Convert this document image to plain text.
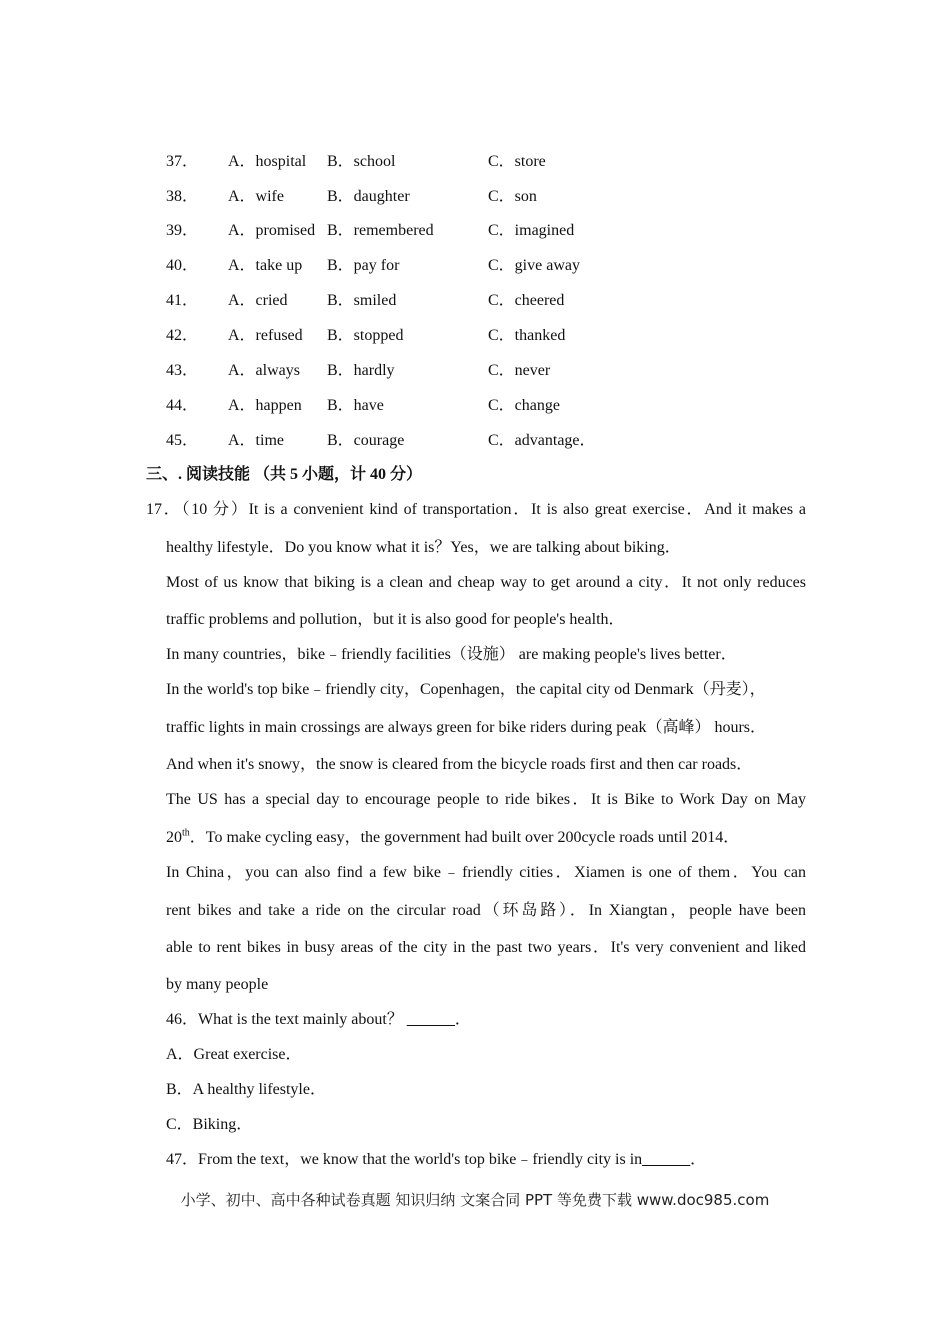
37． A．hospital B．school	C．store
38． A．wife	B．daughter	C．son
39． A．promised B．remembered	C．imagined
40． A．take up B．pay for	C．give away
41． A．cried B．smiled	C．cheered
42． A．refused B．stopped	C．thanked
43． A．always B．hardly	C．never
44． A．happen B．have	C．change
45． A．time	B．courage	C．advantage．
三、. 阅读技能 （共 5 小题，计 40 分）
17．（10 分）It is a convenient kind of transportation．It is also great exercise．And it makes a
healthy lifestyle．Do you know what it is？Yes，we are talking about biking．
Most of us know that biking is a clean and cheap way to get around a city．It not only reduces
traffic problems and pollution，but it is also good for people's health．
In many countries，bike﹣friendly facilities（设施） are making people's lives better．
In the world's top bike﹣friendly city，Copenhagen，the capital city od Denmark（丹麦），
traffic lights in main crossings are always green for bike riders during peak（高峰） hours．
And when it's snowy，the snow is cleared from the bicycle roads first and then car roads．
The US has a special day to encourage people to ride bikes．It is Bike to Work Day on May
20th．To make cycling easy，the government had built over 200cycle roads until 2014．
In China，you can also find a few bike﹣friendly cities．Xiamen is one of them．You can
rent bikes and take a ride on the circular road（环岛路）．In Xiangtan，people have been
able to rent bikes in busy areas of the city in the past two years．It's very convenient and liked
by many people
46．What is the text mainly about？ ______．
A．Great exercise．
B．A healthy lifestyle．
C．Biking．
47．From the text，we know that the world's top bike﹣friendly city is in______．
小学、初中、高中各种试卷真题 知识归纳 文案合同 PPT 等免费下载 www.doc985.com
